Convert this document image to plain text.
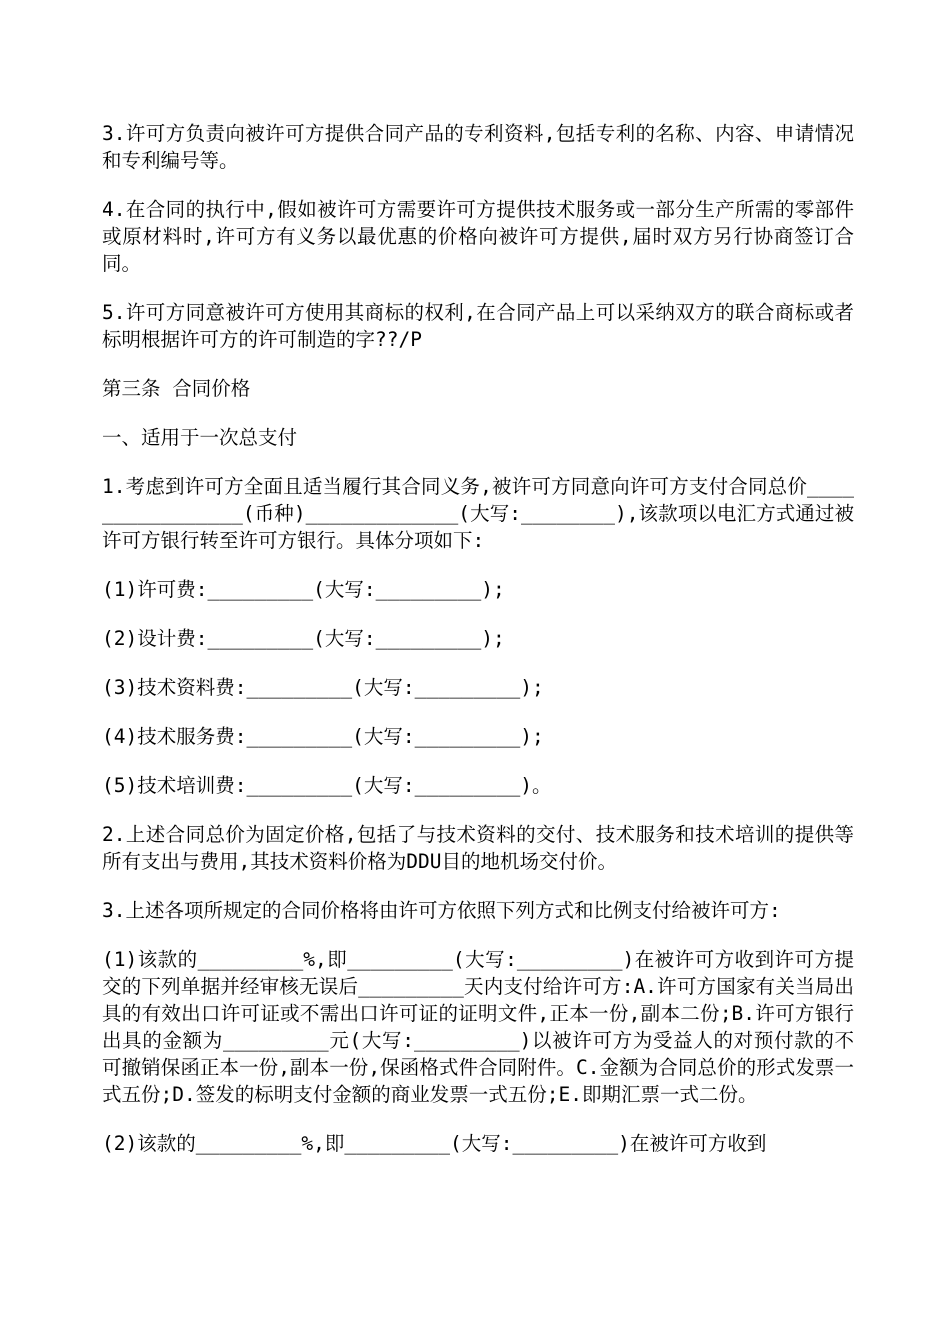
3.许可方负责向被许可方提供合同产品的专利资料,包括专利的名称、内容、申请情况和专利编号等。

4.在合同的执行中,假如被许可方需要许可方提供技术服务或一部分生产所需的零部件或原材料时,许可方有义务以最优惠的价格向被许可方提供,届时双方另行协商签订合同。

5.许可方同意被许可方使用其商标的权利,在合同产品上可以采纳双方的联合商标或者标明根据许可方的许可制造的字??/P

第三条 合同价格

一、适用于一次总支付

1.考虑到许可方全面且适当履行其合同义务,被许可方同意向许可方支付合同总价________________(币种)_____________(大写:________),该款项以电汇方式通过被许可方银行转至许可方银行。具体分项如下:

(1)许可费:_________(大写:_________);

(2)设计费:_________(大写:_________);

(3)技术资料费:_________(大写:_________);

(4)技术服务费:_________(大写:_________);

(5)技术培训费:_________(大写:_________)。

2.上述合同总价为固定价格,包括了与技术资料的交付、技术服务和技术培训的提供等所有支出与费用,其技术资料价格为DDU目的地机场交付价。

3.上述各项所规定的合同价格将由许可方依照下列方式和比例支付给被许可方:

(1)该款的_________%,即_________(大写:_________)在被许可方收到许可方提交的下列单据并经审核无误后_________天内支付给许可方:A.许可方国家有关当局出具的有效出口许可证或不需出口许可证的证明文件,正本一份,副本二份;B.许可方银行出具的金额为_________元(大写:_________)以被许可方为受益人的对预付款的不可撤销保函正本一份,副本一份,保函格式件合同附件。C.金额为合同总价的形式发票一式五份;D.签发的标明支付金额的商业发票一式五份;E.即期汇票一式二份。

(2)该款的_________%,即_________(大写:_________)在被许可方收到
